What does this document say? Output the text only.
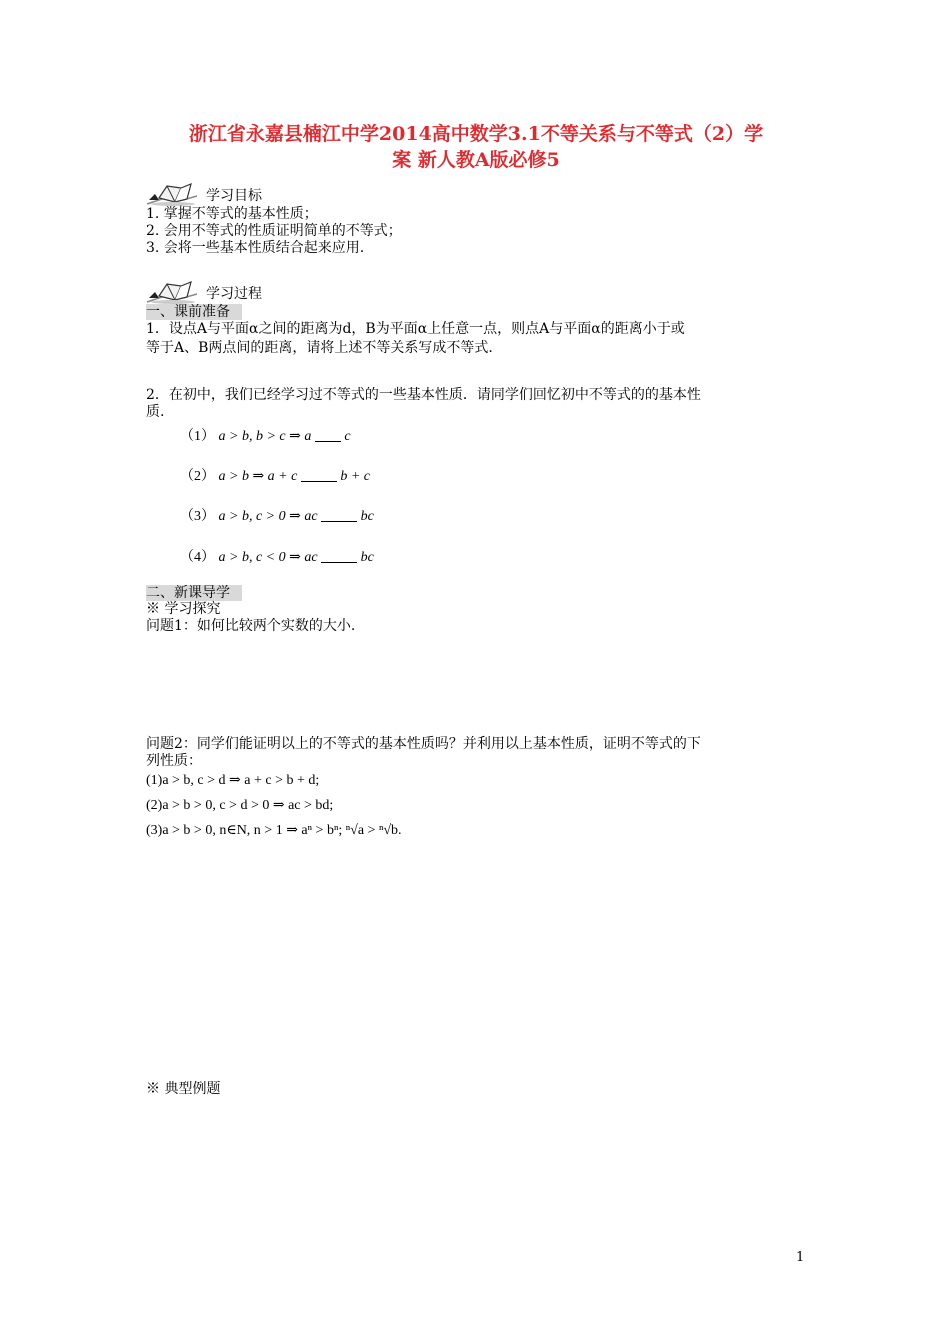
浙江省永嘉县楠江中学2014高中数学3.1不等关系与不等式（2）学
案 新人教A版必修5
学习目标
1. 掌握不等式的基本性质；
2. 会用不等式的性质证明简单的不等式；
3. 会将一些基本性质结合起来应用.
学习过程
一、课前准备
1．设点A与平面α之间的距离为d，B为平面α上任意一点，则点A与平面α的距离小于或
等于A、B两点间的距离，请将上述不等关系写成不等式.
2．在初中，我们已经学习过不等式的一些基本性质．请同学们回忆初中不等式的的基本性
质.
（1） a > b, b > c ⇒ a c
（2） a > b ⇒ a + c	b + c
（3） a > b, c > 0 ⇒ ac	bc
（4） a > b, c < 0 ⇒ ac	bc
二、新课导学
※ 学习探究
问题1：如何比较两个实数的大小.
问题2：同学们能证明以上的不等式的基本性质吗？并利用以上基本性质，证明不等式的下
列性质：
(1)a > b, c > d ⇒ a + c > b + d;
(2)a > b > 0, c > d > 0 ⇒ ac > bd;
(3)a > b > 0, n∈N, n > 1 ⇒ aⁿ > bⁿ; ⁿ√a > ⁿ√b.
※ 典型例题
1
